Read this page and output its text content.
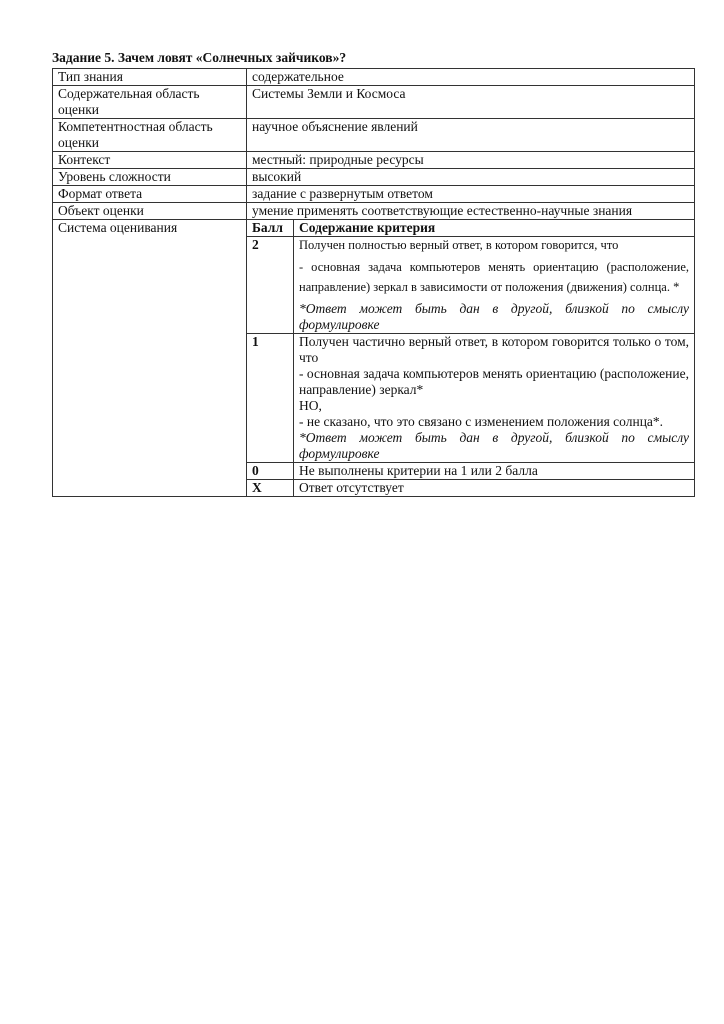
Задание 5. Зачем ловят «Солнечных зайчиков»?
Тип знания	содержательное
Содержательная область оценки	Системы Земли и Космоса
Компетентностная область оценки	научное объяснение явлений
Контекст	местный: природные ресурсы
Уровень сложности	высокий
Формат ответа	задание с развернутым ответом
Объект оценки	умение применять соответствующие естественно-научные знания
Система оценивания		Балл	Содержание критерия
2	Получен полностью верный ответ, в котором говорится, что

- основная задача компьютеров менять ориентацию (расположение, направление) зеркал в зависимости от положения (движения) солнца. *

*Ответ может быть дан в другой, близкой по смыслу формулировке

1	Получен частично верный ответ, в котором говорится только о том, что

- основная задача компьютеров менять ориентацию (расположение, направление) зеркал*

НО,

- не сказано, что это связано с изменением положения солнца*.

*Ответ может быть дан в другой, близкой по смыслу формулировке

0	Не выполнены критерии на 1 или 2 балла
Х	Ответ отсутствует
